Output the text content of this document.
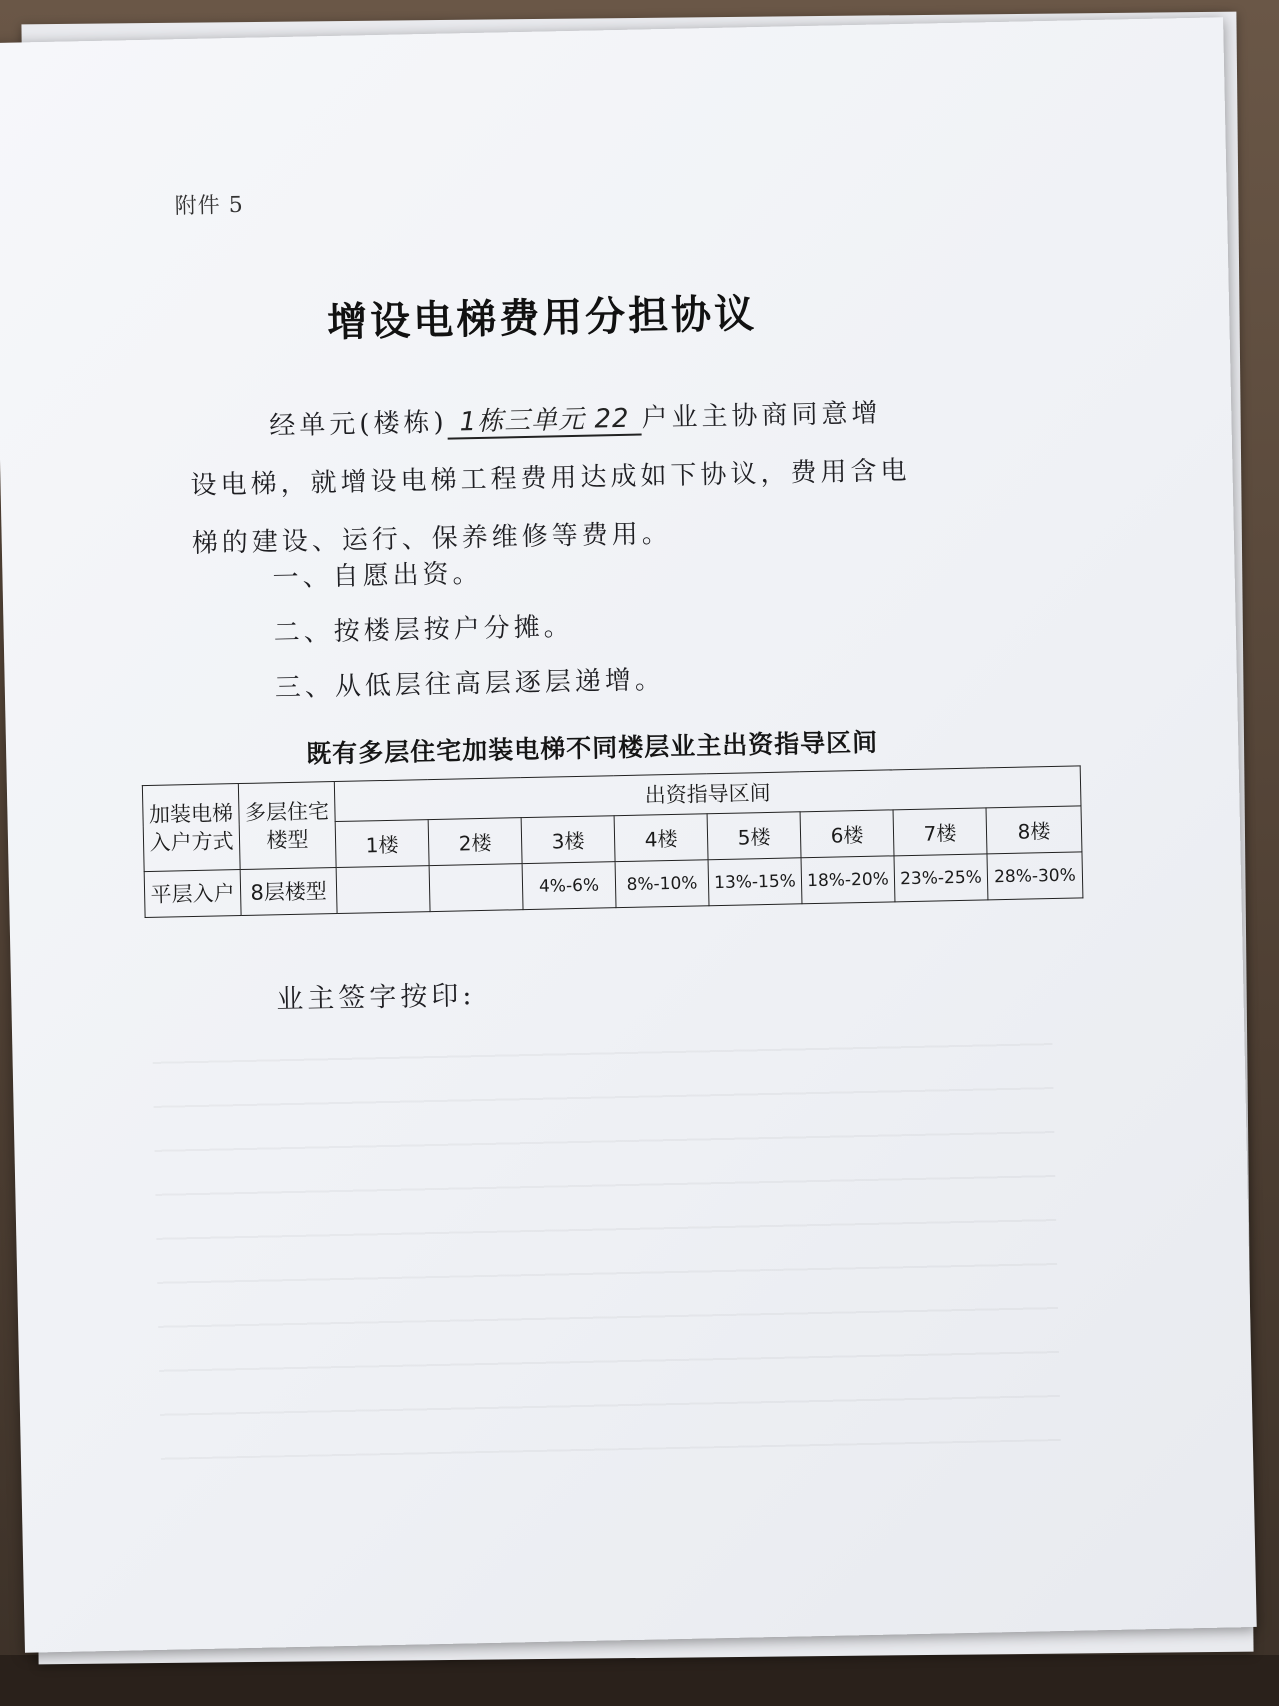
附件 5
增设电梯费用分担协议
经单元(楼栋) 1栋三单元 22 户业主协商同意增设电梯，就增设电梯工程费用达成如下协议，费用含电梯的建设、运行、保养维修等费用。
一、自愿出资。
二、按楼层按户分摊。
三、从低层往高层逐层递增。
既有多层住宅加装电梯不同楼层业主出资指导区间
加装电梯入户方式	多层住宅楼型	出资指导区间							
		1楼	2楼	3楼	4楼	5楼	6楼	7楼	8楼
平层入户	8层楼型			4%-6%	8%-10%	13%-15%	18%-20%	23%-25%	28%-30%
业主签字按印:
